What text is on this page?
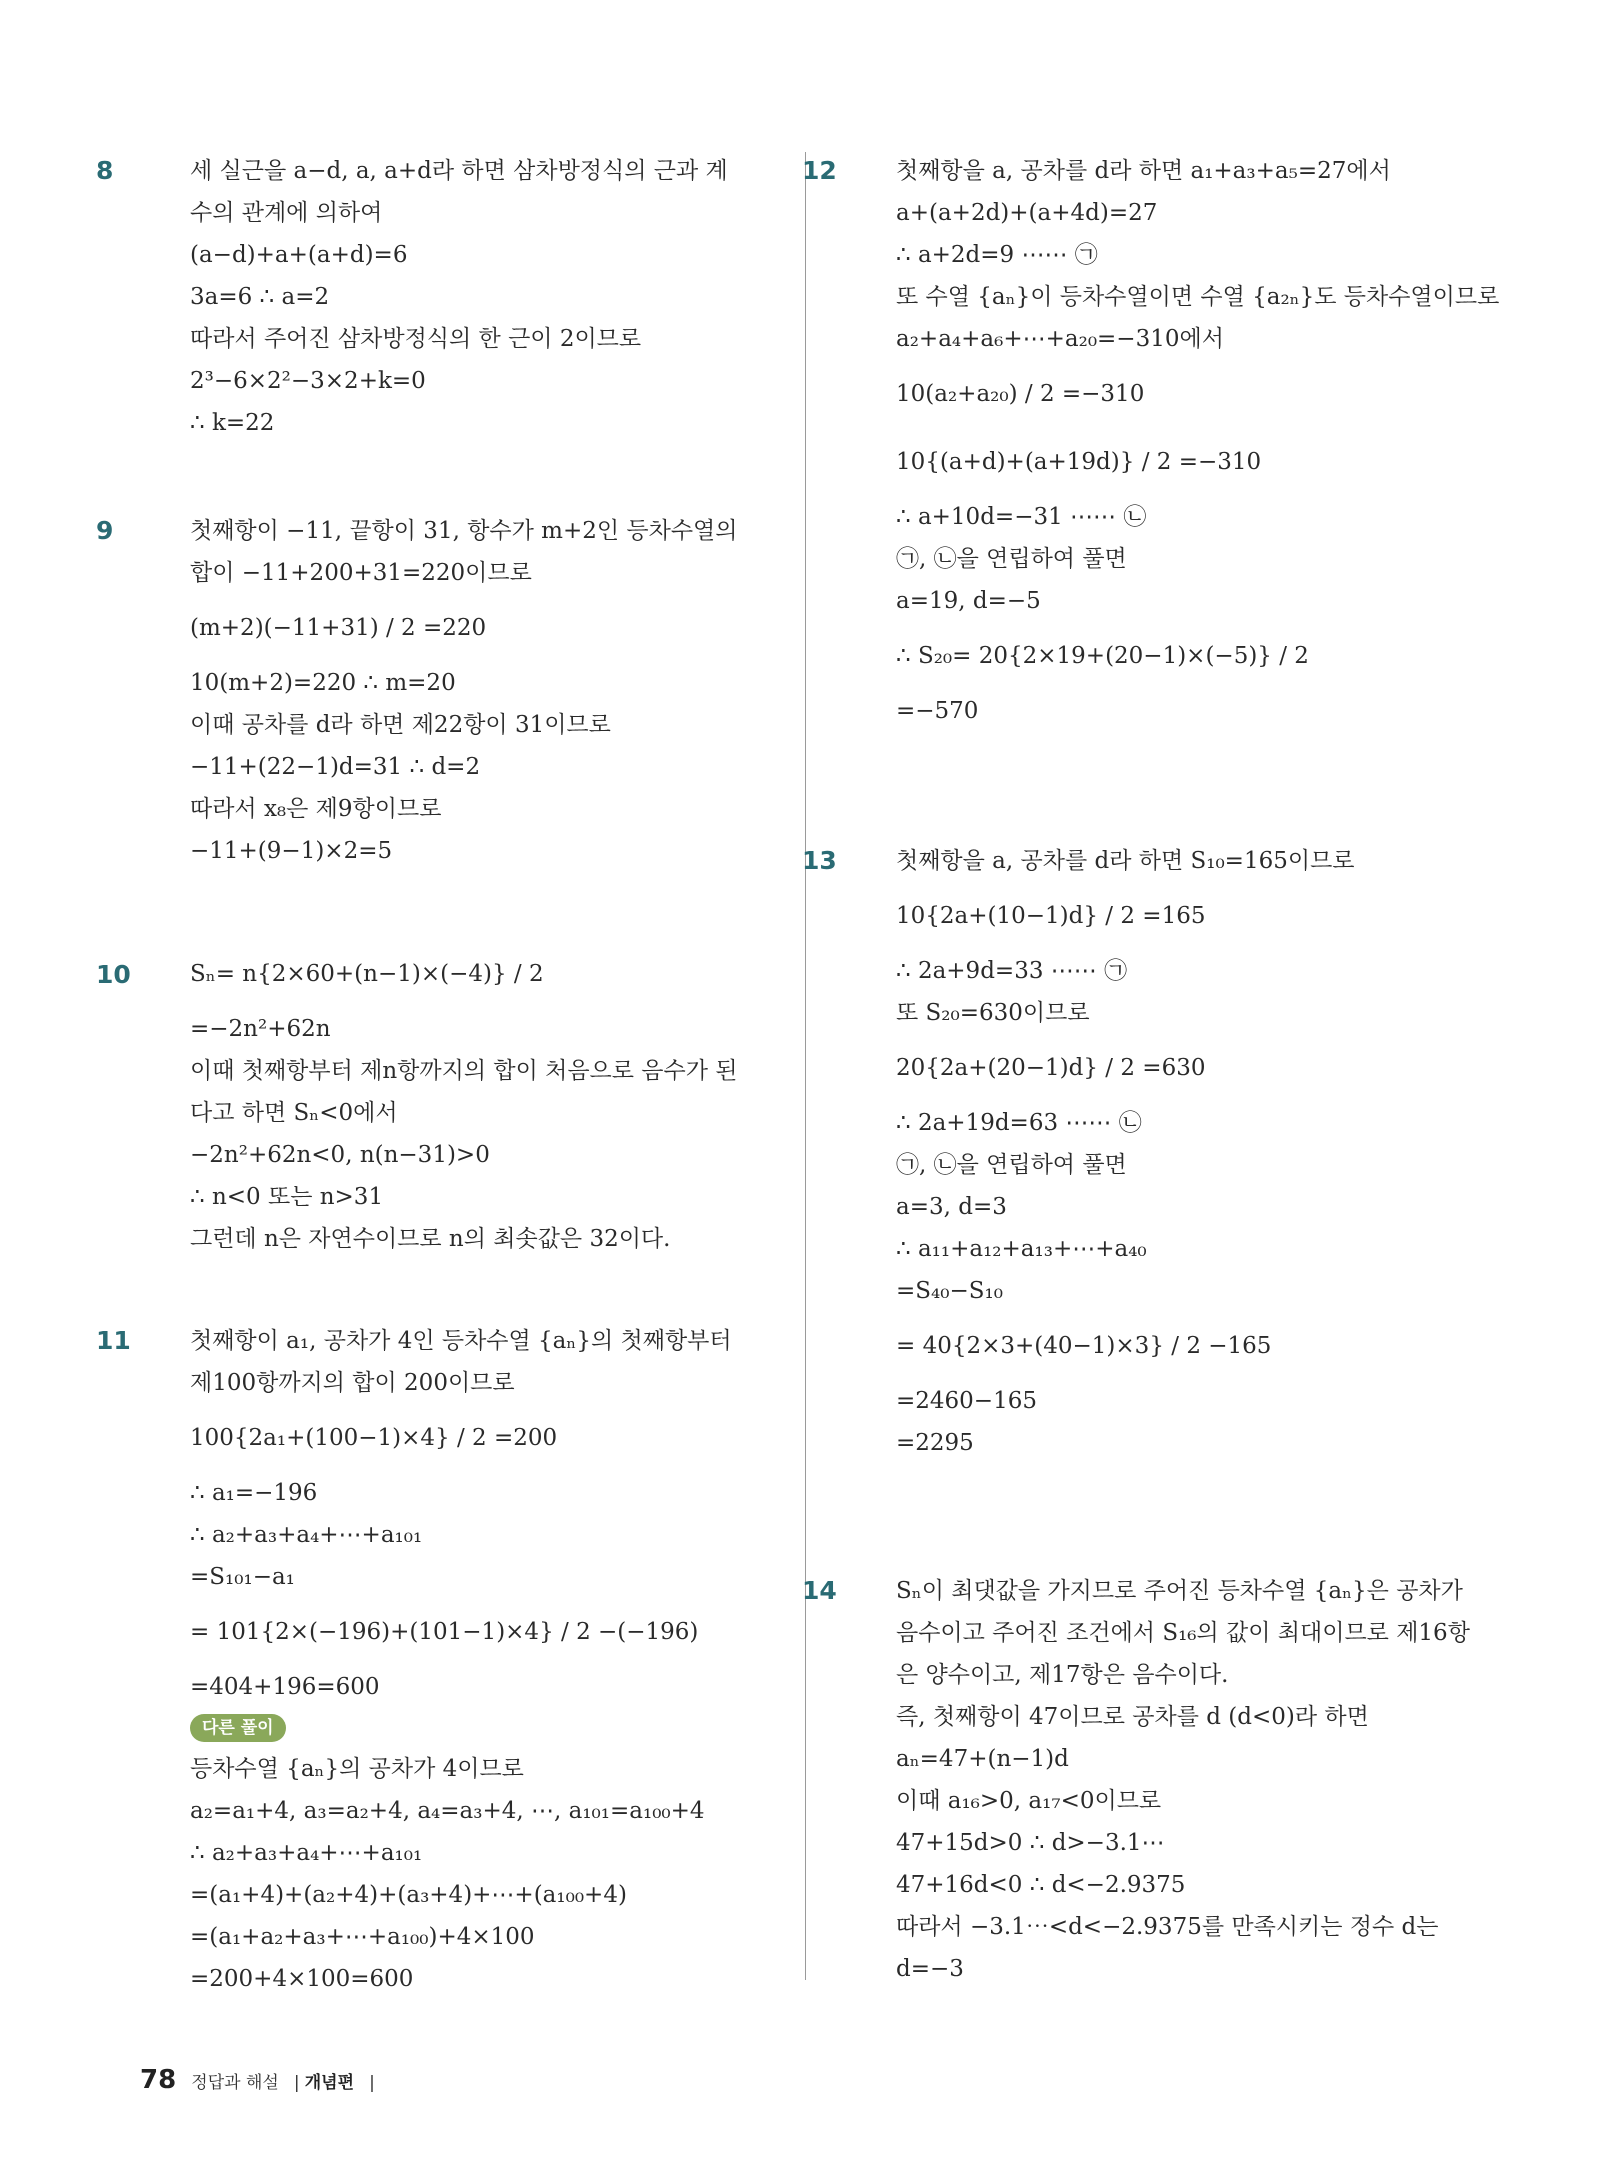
8	세 실근을 a−d, a, a+d라 하면 삼차방정식의 근과 계
수의 관계에 의하여
(a−d)+a+(a+d)=6
3a=6 ∴ a=2
따라서 주어진 삼차방정식의 한 근이 2이므로
2³−6×2²−3×2+k=0
∴ k=22
9	첫째항이 −11, 끝항이 31, 항수가 m+2인 등차수열의
합이 −11+200+31=220이므로
(m+2)(−11+31) / 2 =220
10(m+2)=220 ∴ m=20
이때 공차를 d라 하면 제22항이 31이므로
−11+(22−1)d=31 ∴ d=2
따라서 x₈은 제9항이므로
−11+(9−1)×2=5
10	Sₙ= n{2×60+(n−1)×(−4)} / 2
=−2n²+62n
이때 첫째항부터 제n항까지의 합이 처음으로 음수가 된
다고 하면 Sₙ<0에서
−2n²+62n<0, n(n−31)>0
∴ n<0 또는 n>31
그런데 n은 자연수이므로 n의 최솟값은 32이다.
11	첫째항이 a₁, 공차가 4인 등차수열 {aₙ}의 첫째항부터
제100항까지의 합이 200이므로
100{2a₁+(100−1)×4} / 2 =200
∴ a₁=−196
∴ a₂+a₃+a₄+⋯+a₁₀₁
=S₁₀₁−a₁
= 101{2×(−196)+(101−1)×4} / 2 −(−196)
=404+196=600
다른 풀이
등차수열 {aₙ}의 공차가 4이므로
a₂=a₁+4, a₃=a₂+4, a₄=a₃+4, ⋯, a₁₀₁=a₁₀₀+4
∴ a₂+a₃+a₄+⋯+a₁₀₁
=(a₁+4)+(a₂+4)+(a₃+4)+⋯+(a₁₀₀+4)
=(a₁+a₂+a₃+⋯+a₁₀₀)+4×100
=200+4×100=600
12	첫째항을 a, 공차를 d라 하면 a₁+a₃+a₅=27에서
a+(a+2d)+(a+4d)=27
∴ a+2d=9 ⋯⋯ ㉠
또 수열 {aₙ}이 등차수열이면 수열 {a₂ₙ}도 등차수열이므로
a₂+a₄+a₆+⋯+a₂₀=−310에서
10(a₂+a₂₀) / 2 =−310
10{(a+d)+(a+19d)} / 2 =−310
∴ a+10d=−31 ⋯⋯ ㉡
㉠, ㉡을 연립하여 풀면
a=19, d=−5
∴ S₂₀= 20{2×19+(20−1)×(−5)} / 2
=−570
13	첫째항을 a, 공차를 d라 하면 S₁₀=165이므로
10{2a+(10−1)d} / 2 =165
∴ 2a+9d=33 ⋯⋯ ㉠
또 S₂₀=630이므로
20{2a+(20−1)d} / 2 =630
∴ 2a+19d=63 ⋯⋯ ㉡
㉠, ㉡을 연립하여 풀면
a=3, d=3
∴ a₁₁+a₁₂+a₁₃+⋯+a₄₀
=S₄₀−S₁₀
= 40{2×3+(40−1)×3} / 2 −165
=2460−165
=2295
14	Sₙ이 최댓값을 가지므로 주어진 등차수열 {aₙ}은 공차가
음수이고 주어진 조건에서 S₁₆의 값이 최대이므로 제16항
은 양수이고, 제17항은 음수이다.
즉, 첫째항이 47이므로 공차를 d (d<0)라 하면
aₙ=47+(n−1)d
이때 a₁₆>0, a₁₇<0이므로
47+15d>0 ∴ d>−3.1⋯
47+16d<0 ∴ d<−2.9375
따라서 −3.1⋯<d<−2.9375를 만족시키는 정수 d는
d=−3
78 정답과 해설 | 개념편 |
